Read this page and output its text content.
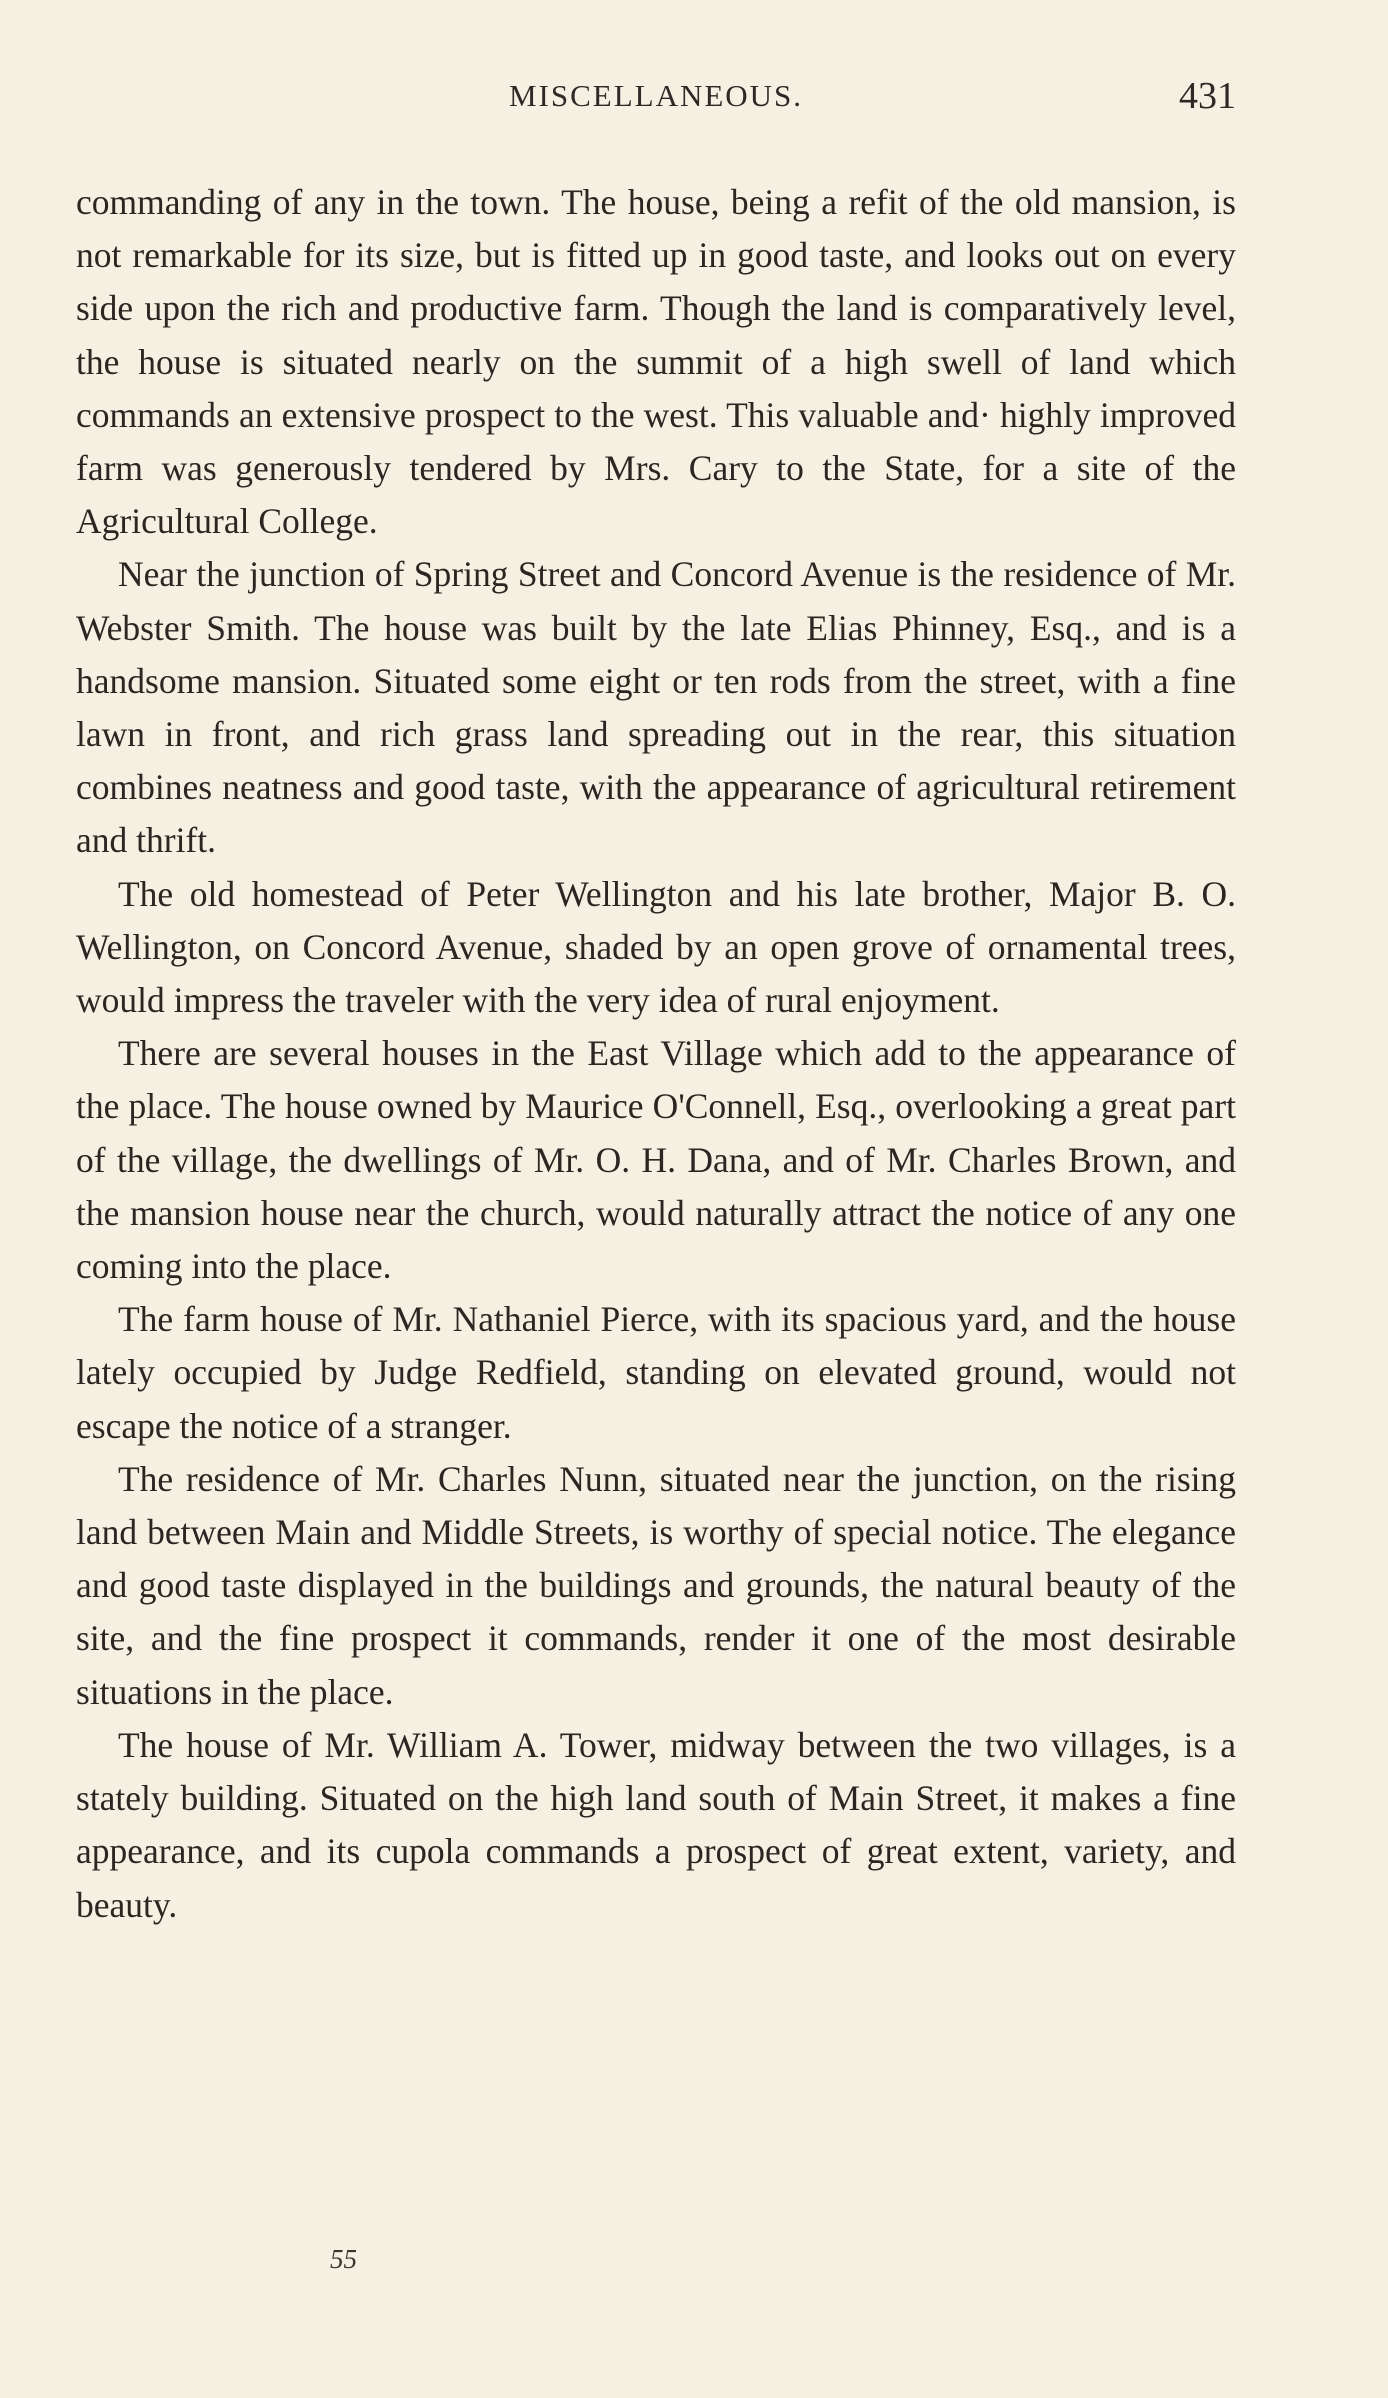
MISCELLANEOUS.	431

commanding of any in the town. The house, being a refit of the old mansion, is not remarkable for its size, but is fitted up in good taste, and looks out on every side upon the rich and productive farm. Though the land is comparatively level, the house is situated nearly on the summit of a high swell of land which commands an extensive prospect to the west. This valuable and· highly improved farm was generously tendered by Mrs. Cary to the State, for a site of the Agricultural College.

Near the junction of Spring Street and Concord Avenue is the residence of Mr. Webster Smith. The house was built by the late Elias Phinney, Esq., and is a handsome mansion. Situated some eight or ten rods from the street, with a fine lawn in front, and rich grass land spreading out in the rear, this situation combines neatness and good taste, with the appearance of agricultural retirement and thrift.

The old homestead of Peter Wellington and his late brother, Major B. O. Wellington, on Concord Avenue, shaded by an open grove of ornamental trees, would impress the traveler with the very idea of rural enjoyment.

There are several houses in the East Village which add to the appearance of the place. The house owned by Maurice O'Connell, Esq., overlooking a great part of the village, the dwellings of Mr. O. H. Dana, and of Mr. Charles Brown, and the mansion house near the church, would naturally attract the notice of any one coming into the place.

The farm house of Mr. Nathaniel Pierce, with its spacious yard, and the house lately occupied by Judge Redfield, standing on elevated ground, would not escape the notice of a stranger.

The residence of Mr. Charles Nunn, situated near the junction, on the rising land between Main and Middle Streets, is worthy of special notice. The elegance and good taste displayed in the buildings and grounds, the natural beauty of the site, and the fine prospect it commands, render it one of the most desirable situations in the place.

The house of Mr. William A. Tower, midway between the two villages, is a stately building. Situated on the high land south of Main Street, it makes a fine appearance, and its cupola commands a prospect of great extent, variety, and beauty.

55
